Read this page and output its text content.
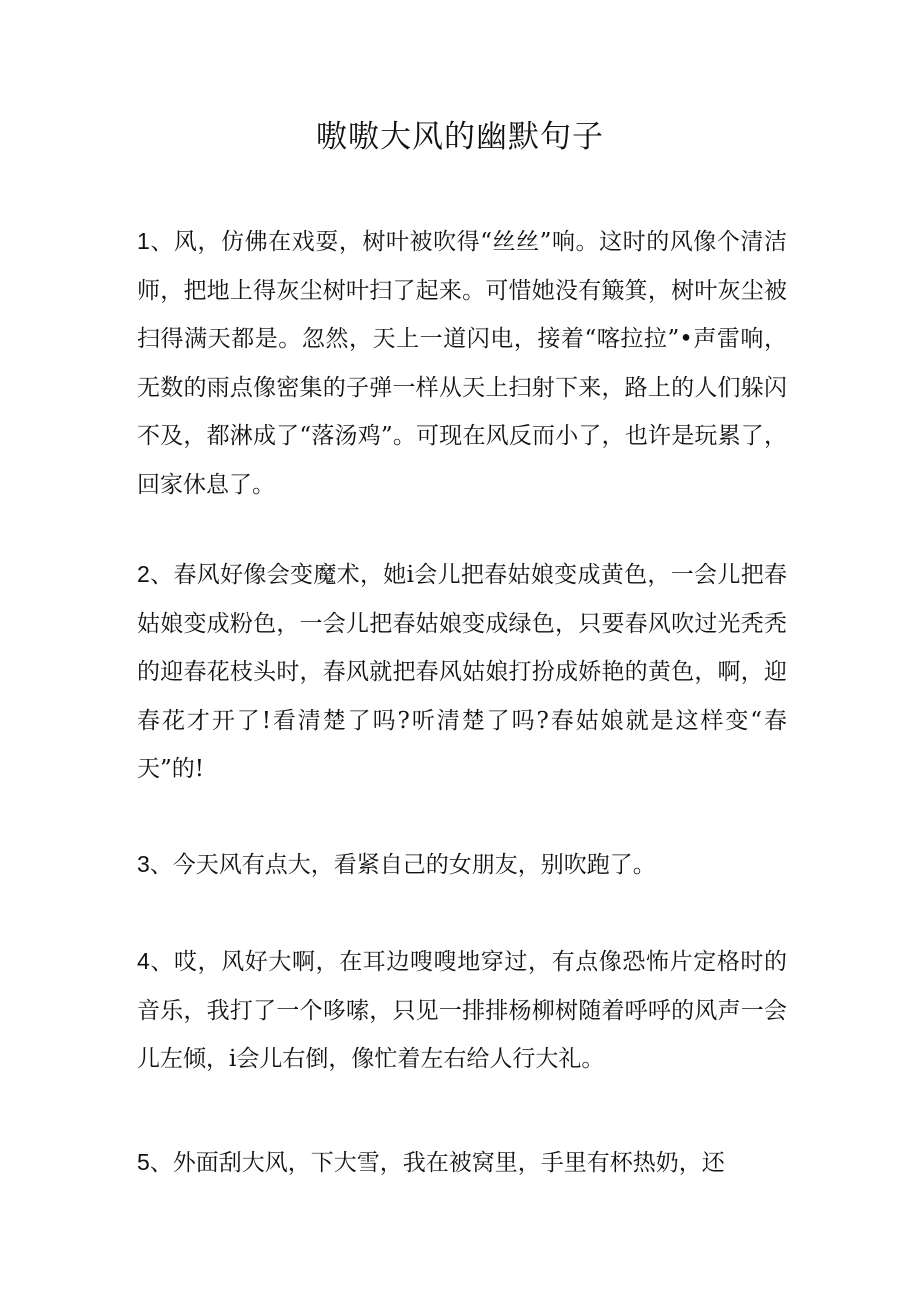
嗷嗷大风的幽默句子

1、风，仿佛在戏耍，树叶被吹得“丝丝”响。这时的风像个清洁师，把地上得灰尘树叶扫了起来。可惜她没有簸箕，树叶灰尘被扫得满天都是。忽然，天上一道闪电，接着“喀拉拉”•声雷响，无数的雨点像密集的子弹一样从天上扫射下来，路上的人们躲闪不及，都淋成了“落汤鸡”。可现在风反而小了，也许是玩累了，回家休息了。

2、春风好像会变魔术，她i会儿把春姑娘变成黄色，一会儿把春姑娘变成粉色，一会儿把春姑娘变成绿色，只要春风吹过光秃秃的迎春花枝头时，春风就把春风姑娘打扮成娇艳的黄色，啊，迎春花才开了!看清楚了吗?听清楚了吗?春姑娘就是这样变“春天”的!

3、今天风有点大，看紧自己的女朋友，别吹跑了。

4、哎，风好大啊，在耳边嗖嗖地穿过，有点像恐怖片定格时的音乐，我打了一个哆嗦，只见一排排杨柳树随着呼呼的风声一会儿左倾，i会儿右倒，像忙着左右给人行大礼。

5、外面刮大风，下大雪，我在被窝里，手里有杯热奶，还
